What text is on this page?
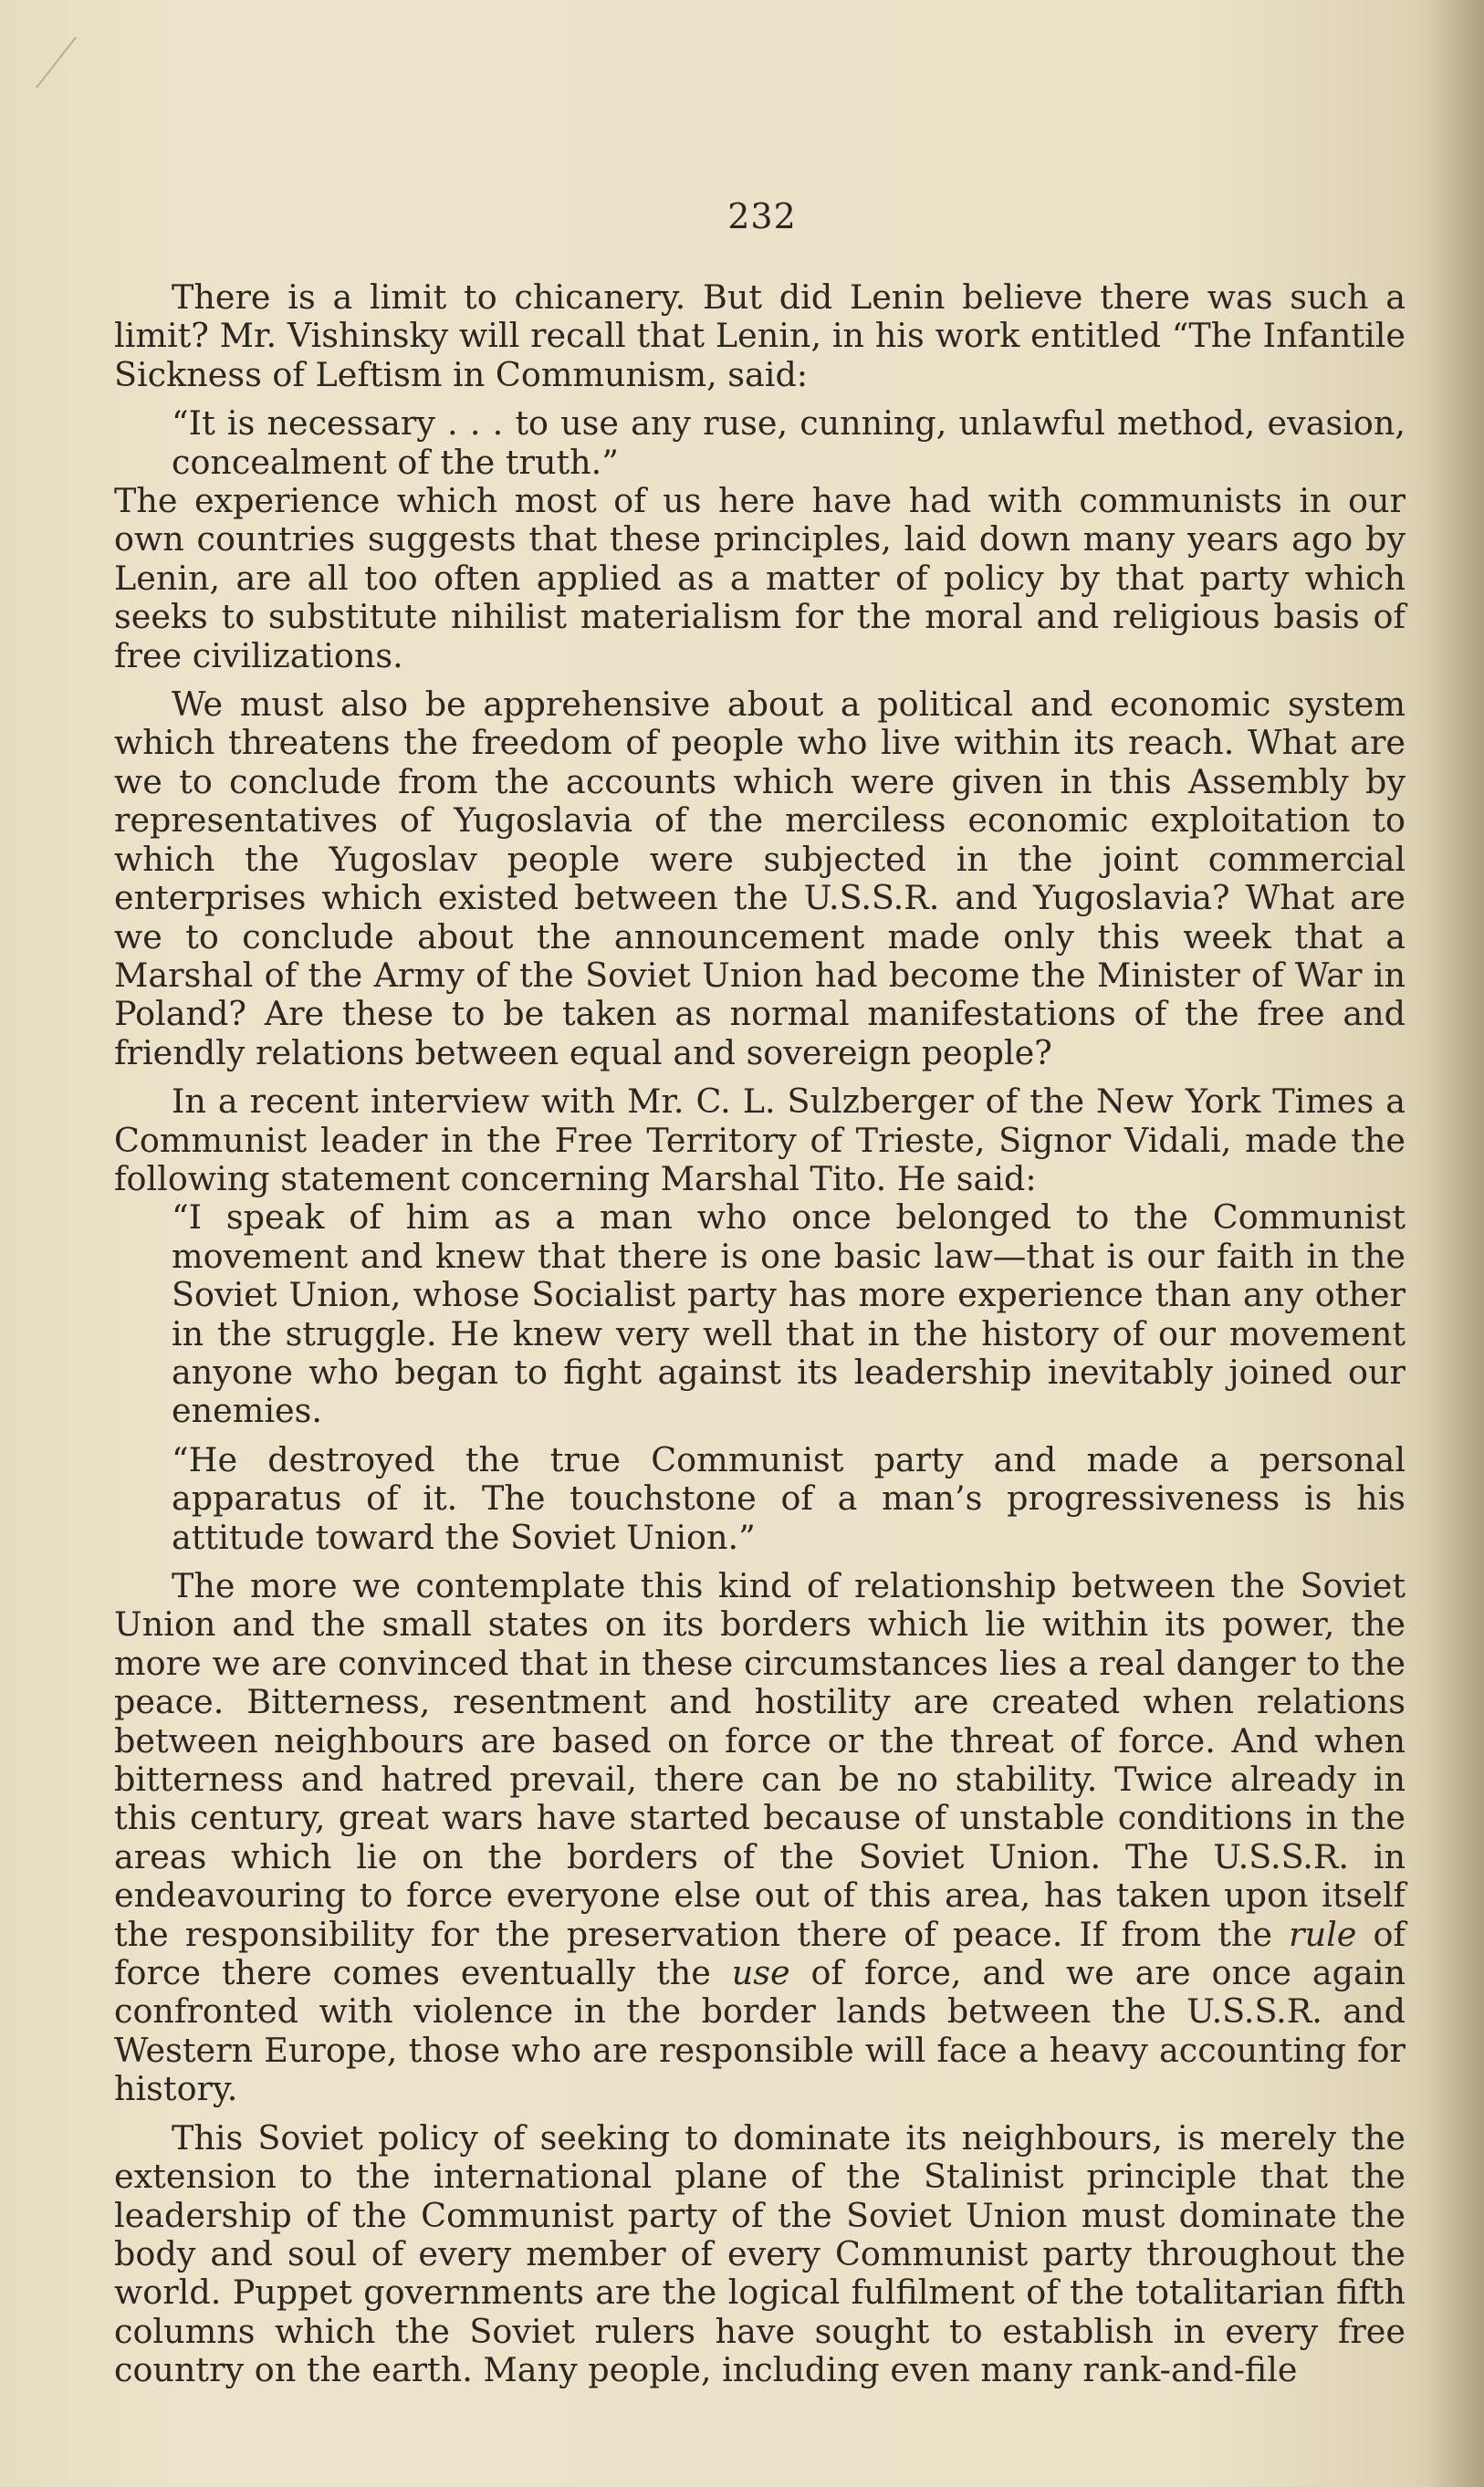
232

There is a limit to chicanery. But did Lenin believe there was such a limit? Mr. Vishinsky will recall that Lenin, in his work entitled “The Infantile Sickness of Leftism in Communism, said:

“It is necessary . . . to use any ruse, cunning, unlawful method, evasion, concealment of the truth.”

The experience which most of us here have had with communists in our own countries suggests that these principles, laid down many years ago by Lenin, are all too often applied as a matter of policy by that party which seeks to substitute nihilist materialism for the moral and religious basis of free civilizations.

We must also be apprehensive about a political and economic system which threatens the freedom of people who live within its reach. What are we to conclude from the accounts which were given in this Assembly by representatives of Yugoslavia of the merciless economic exploitation to which the Yugoslav people were subjected in the joint commercial enterprises which existed between the U.S.S.R. and Yugoslavia? What are we to conclude about the announcement made only this week that a Marshal of the Army of the Soviet Union had become the Minister of War in Poland? Are these to be taken as normal manifestations of the free and friendly relations between equal and sovereign people?

In a recent interview with Mr. C. L. Sulzberger of the New York Times a Communist leader in the Free Territory of Trieste, Signor Vidali, made the following statement concerning Marshal Tito. He said:

“I speak of him as a man who once belonged to the Communist movement and knew that there is one basic law—that is our faith in the Soviet Union, whose Socialist party has more experience than any other in the struggle. He knew very well that in the history of our movement anyone who began to fight against its leadership inevitably joined our enemies.

“He destroyed the true Communist party and made a personal apparatus of it. The touchstone of a man’s progressiveness is his attitude toward the Soviet Union.”

The more we contemplate this kind of relationship between the Soviet Union and the small states on its borders which lie within its power, the more we are convinced that in these circumstances lies a real danger to the peace. Bitterness, resentment and hostility are created when relations between neighbours are based on force or the threat of force. And when bitterness and hatred prevail, there can be no stability. Twice already in this century, great wars have started because of unstable conditions in the areas which lie on the borders of the Soviet Union. The U.S.S.R. in endeavouring to force everyone else out of this area, has taken upon itself the responsibility for the preservation there of peace. If from the rule of force there comes eventually the use of force, and we are once again confronted with violence in the border lands between the U.S.S.R. and Western Europe, those who are responsible will face a heavy accounting for history.

This Soviet policy of seeking to dominate its neighbours, is merely the extension to the international plane of the Stalinist principle that the leadership of the Communist party of the Soviet Union must dominate the body and soul of every member of every Communist party throughout the world. Puppet governments are the logical fulfilment of the totalitarian fifth columns which the Soviet rulers have sought to establish in every free country on the earth. Many people, including even many rank-and-file
